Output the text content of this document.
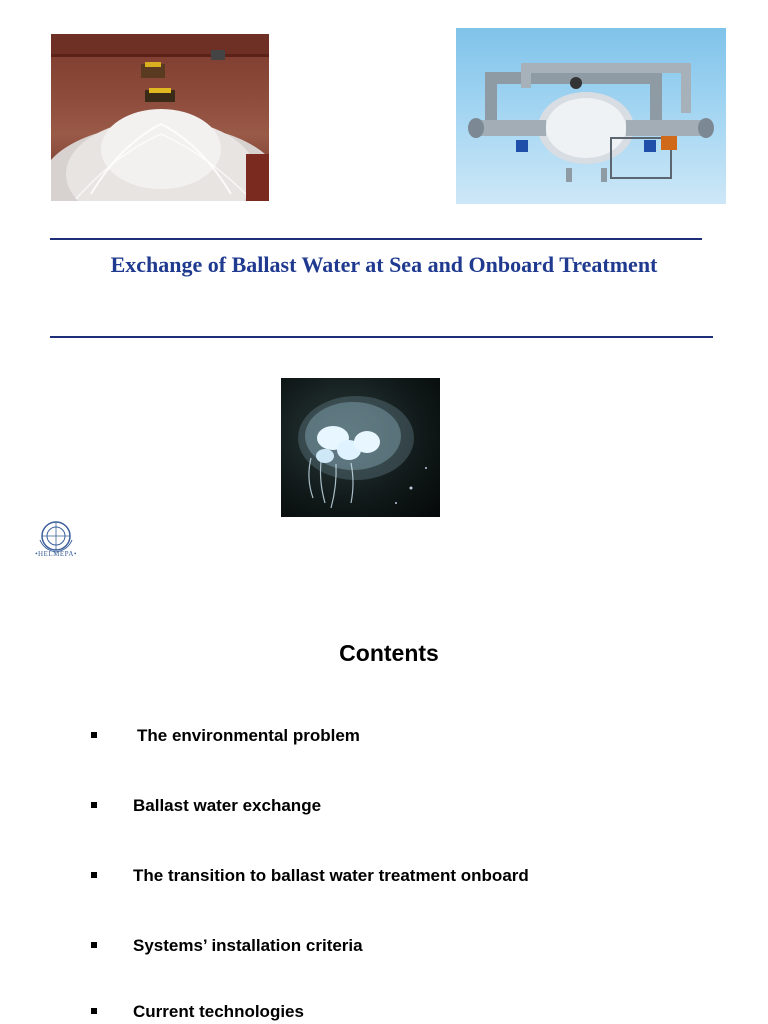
Exchange of Ballast Water at Sea and Onboard Treatment
•HELMEPA•
Contents
The environmental problem
Ballast water exchange
The transition to ballast water treatment onboard
Systems’ installation criteria
Current technologies
